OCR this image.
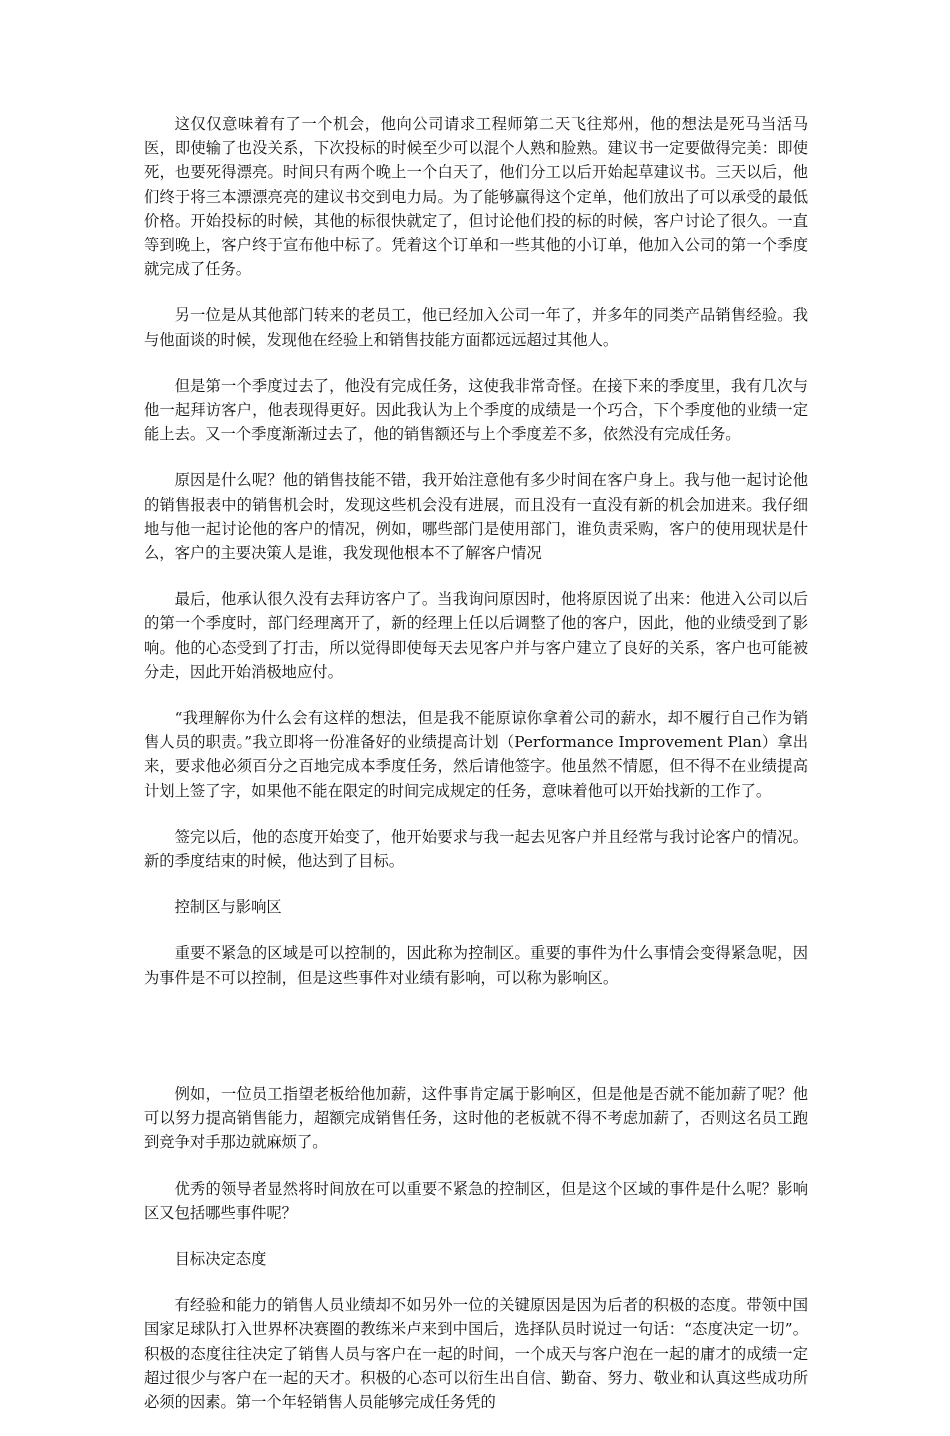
这仅仅意味着有了一个机会，他向公司请求工程师第二天飞往郑州，他的想法是死马当活马医，即使输了也没关系，下次投标的时候至少可以混个人熟和脸熟。建议书一定要做得完美：即使死，也要死得漂亮。时间只有两个晚上一个白天了，他们分工以后开始起草建议书。三天以后，他们终于将三本漂漂亮亮的建议书交到电力局。为了能够赢得这个定单，他们放出了可以承受的最低价格。开始投标的时候，其他的标很快就定了，但讨论他们投的标的时候，客户讨论了很久。一直等到晚上，客户终于宣布他中标了。凭着这个订单和一些其他的小订单，他加入公司的第一个季度就完成了任务。

另一位是从其他部门转来的老员工，他已经加入公司一年了，并多年的同类产品销售经验。我与他面谈的时候，发现他在经验上和销售技能方面都远远超过其他人。

但是第一个季度过去了，他没有完成任务，这使我非常奇怪。在接下来的季度里，我有几次与他一起拜访客户，他表现得更好。因此我认为上个季度的成绩是一个巧合，下个季度他的业绩一定能上去。又一个季度渐渐过去了，他的销售额还与上个季度差不多，依然没有完成任务。

原因是什么呢？他的销售技能不错，我开始注意他有多少时间在客户身上。我与他一起讨论他的销售报表中的销售机会时，发现这些机会没有进展，而且没有一直没有新的机会加进来。我仔细地与他一起讨论他的客户的情况，例如，哪些部门是使用部门，谁负责采购，客户的使用现状是什么，客户的主要决策人是谁，我发现他根本不了解客户情况

最后，他承认很久没有去拜访客户了。当我询问原因时，他将原因说了出来：他进入公司以后的第一个季度时，部门经理离开了，新的经理上任以后调整了他的客户，因此，他的业绩受到了影响。他的心态受到了打击，所以觉得即使每天去见客户并与客户建立了良好的关系，客户也可能被分走，因此开始消极地应付。

“我理解你为什么会有这样的想法，但是我不能原谅你拿着公司的薪水，却不履行自己作为销售人员的职责。”我立即将一份准备好的业绩提高计划（Performance Improvement Plan）拿出来，要求他必须百分之百地完成本季度任务，然后请他签字。他虽然不情愿，但不得不在业绩提高计划上签了字，如果他不能在限定的时间完成规定的任务，意味着他可以开始找新的工作了。

签完以后，他的态度开始变了，他开始要求与我一起去见客户并且经常与我讨论客户的情况。新的季度结束的时候，他达到了目标。

控制区与影响区

重要不紧急的区域是可以控制的，因此称为控制区。重要的事件为什么事情会变得紧急呢，因为事件是不可以控制，但是这些事件对业绩有影响，可以称为影响区。

例如，一位员工指望老板给他加薪，这件事肯定属于影响区，但是他是否就不能加薪了呢？他可以努力提高销售能力，超额完成销售任务，这时他的老板就不得不考虑加薪了，否则这名员工跑到竞争对手那边就麻烦了。

优秀的领导者显然将时间放在可以重要不紧急的控制区，但是这个区域的事件是什么呢？影响区又包括哪些事件呢？

目标决定态度

有经验和能力的销售人员业绩却不如另外一位的关键原因是因为后者的积极的态度。带领中国国家足球队打入世界杯决赛圈的教练米卢来到中国后，选择队员时说过一句话：“态度决定一切”。积极的态度往往决定了销售人员与客户在一起的时间，一个成天与客户泡在一起的庸才的成绩一定超过很少与客户在一起的天才。积极的心态可以衍生出自信、勤奋、努力、敬业和认真这些成功所必须的因素。第一个年轻销售人员能够完成任务凭的
